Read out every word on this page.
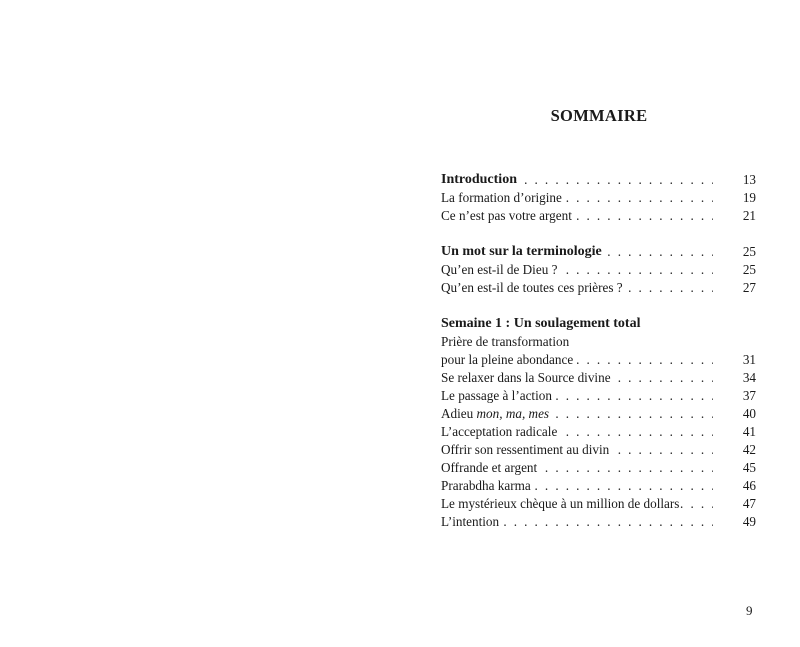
SOMMAIRE
. . .
Introduction	13
. . .
La formation d’origine	19
. . .
Ce n’est pas votre argent	21
. . .
Un mot sur la terminologie	25
. . .
Qu’en est-il de Dieu ?	25
. . .
Qu’en est-il de toutes ces prières ?	27
Semaine 1 : Un soulagement total
Prière de transformation
. . .
pour la pleine abondance	31
. . .
Se relaxer dans la Source divine	34
. . .
Le passage à l’action	37
. . .
Adieu mon, ma, mes	40
. . .
L’acceptation radicale	41
. . .
Offrir son ressentiment au divin	42
. . .
Offrande et argent	45
. . .
Prarabdha karma	46
. . .
Le mystérieux chèque à un million de dollars	47
. . .
L’intention	49
9
